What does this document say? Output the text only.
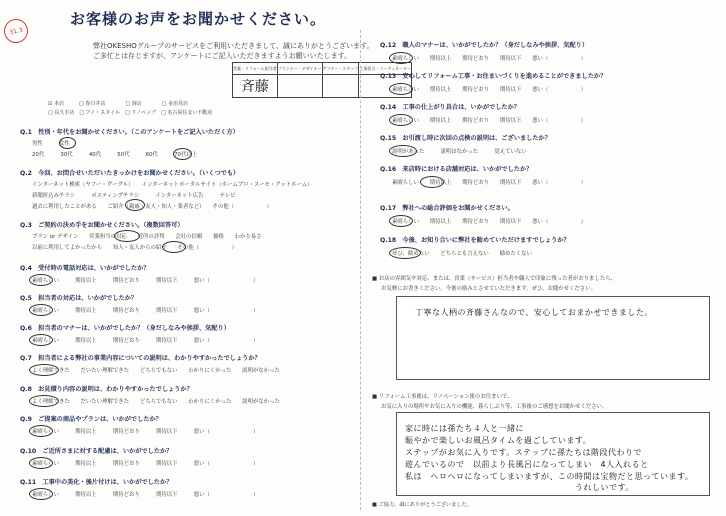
31.3
お客様のお声をお聞かせください。
弊社OKESHOグループのサービスをご利用いただきまして、誠にありがとうございます。
ご多忙とは存じますが、アンケートにご記入いただきますようお願いいたします。
営業・リフォーム担当者	プランナー・デザイナー	アフター・スタッフ	工事担当・コーディネーター
斉藤			
☑ 本店　　　□ 春日井店　　　　□ 岡店　　　　□ 多治見店
□ 長久手店　□ アイ・スタイル　□ リノベップ　□ 名古屋住まい不動産
Q.1　性別・年代をお聞かせください。（このアンケートをご記入いただく方）
男性　　　女性
20代　　　30代　　　40代　　　50代　　　60代　　　70代以上
Q.2　今回、お問合せいただいたきっかけをお聞かせください。（いくつでも）
インターネット検索（ヤフー・グーグル）　　インターネットポータルサイト（ホームプロ・スーモ・アットホーム）
新聞折込みチラシ　　　ポスティングチラシ　　　インターネット広告　　　テレビ
過去に利用したことがある　　ご紹介（親戚・友人・知人・業者など）　　その他（　　　　　　）
Q.3　ご契約の決め手をお聞かせください。（複数回答可）
プラン or デザイン　　営業担当の対応　　近所の評判　　会社の信頼　　価格　　わかり易さ
以前に利用してよかったから　　知人・友人からの紹介　　その他（　　　　　　）
Q.4　受付時の電話対応は、いかがでしたか？
素晴らしい　　　期待以上　　　期待どおり　　　期待以下　　　悪い（　　　　　　　　）
Q.5　担当者の対応は、いかがでしたか？
素晴らしい　　　期待以上　　　期待どおり　　　期待以下　　　悪い（　　　　　　　　）
Q.6　担当者のマナーは、いかがでしたか？（身だしなみや挨拶、気配り）
素晴らしい　　　期待以上　　　期待どおり　　　期待以下　　　悪い（　　　　　　　　）
Q.7　担当者による弊社の事業内容についての説明は、わかりやすかったでしょうか？
よく理解できた　　だいたい理解できた　　どちらでもない　　わかりにくかった　　説明がなかった
Q.8　お見積り内容の説明は、わかりやすかったでしょうか？
よく理解できた　　だいたい理解できた　　どちらでもない　　わかりにくかった　　説明がなかった
Q.9　ご提案の商品やプランは、いかがでしたか？
素晴らしい　　　期待以上　　　期待どおり　　　期待以下　　　悪い（　　　　　　　　）
Q.10　ご近所さまに対する配慮は、いかがでしたか？
素晴らしい　　　期待以上　　　期待どおり　　　期待以下　　　悪い（　　　　　　　　）
Q.11　工事中の美化・後片付けは、いかがでしたか？
素晴らしい　　　期待以上　　　期待どおり　　　期待以下　　　悪い（　　　　　　　　）
Q.12　職人のマナーは、いかがでしたか？（身だしなみや挨拶、気配り）
素晴らしい　　期待以上　　期待どおり　　期待以下　　悪い（　　　　　　）
Q.13　安心してリフォーム工事・お住まいづくりを進めることができましたか？
素晴らしい　　期待以上　　期待どおり　　期待以下　　悪い（　　　　　　）
Q.14　工事の仕上がり具合は、いかがでしたか？
素晴らしい　　期待以上　　期待どおり　　期待以下　　悪い（　　　　　　）
Q.15　お引渡し時に次回の点検の説明は、ございましたか？
説明があった　　　説明はなかった　　　覚えていない
Q.16　来店時における店舗対応は、いかがでしたか？
素晴らしい　　期待以上　　期待どおり　　期待以下　　悪い（　　　　　　）
Q.17　弊社への総合評価をお聞かせください。
素晴らしい　　期待以上　　期待どおり　　期待以下　　悪い（　　　　　　）
Q.18　今後、お知り合いに弊社を勧めていただけますでしょうか？
ぜひ、勧めたい　　どちらとも言えない　　勧めたくない
■ お店の雰囲気や対応、または、営業（サービス）担当者や職人で印象に残った者がおりましたら、
お気軽にお書きください。今後の励みとさせていただきます。ぜひ、お聞かせください。
丁寧な人柄の斉藤さんなので、安心しておまかせできました。
■ リフォーム工事後は、リノベーション後のお住まいで、
お気に入りの場所やお気に入りの機能、暮らしぶり等、工事後のご感想をお聞かせください。
家に時には孫たち４人と一緒に
賑やかで楽しいお風呂タイムを過ごしています。
ステップがお気に入りです。ステップに孫たちは階段代わりで
遊んでいるので　以前より長風呂になってしまい　4人入れると
私は　へロへロになってしまいますが、この時間は宝物だと思っています。
　　　　　　　　　　　　　　　　　　　　うれしいです。
■ ご協力、誠にありがとうございました。
